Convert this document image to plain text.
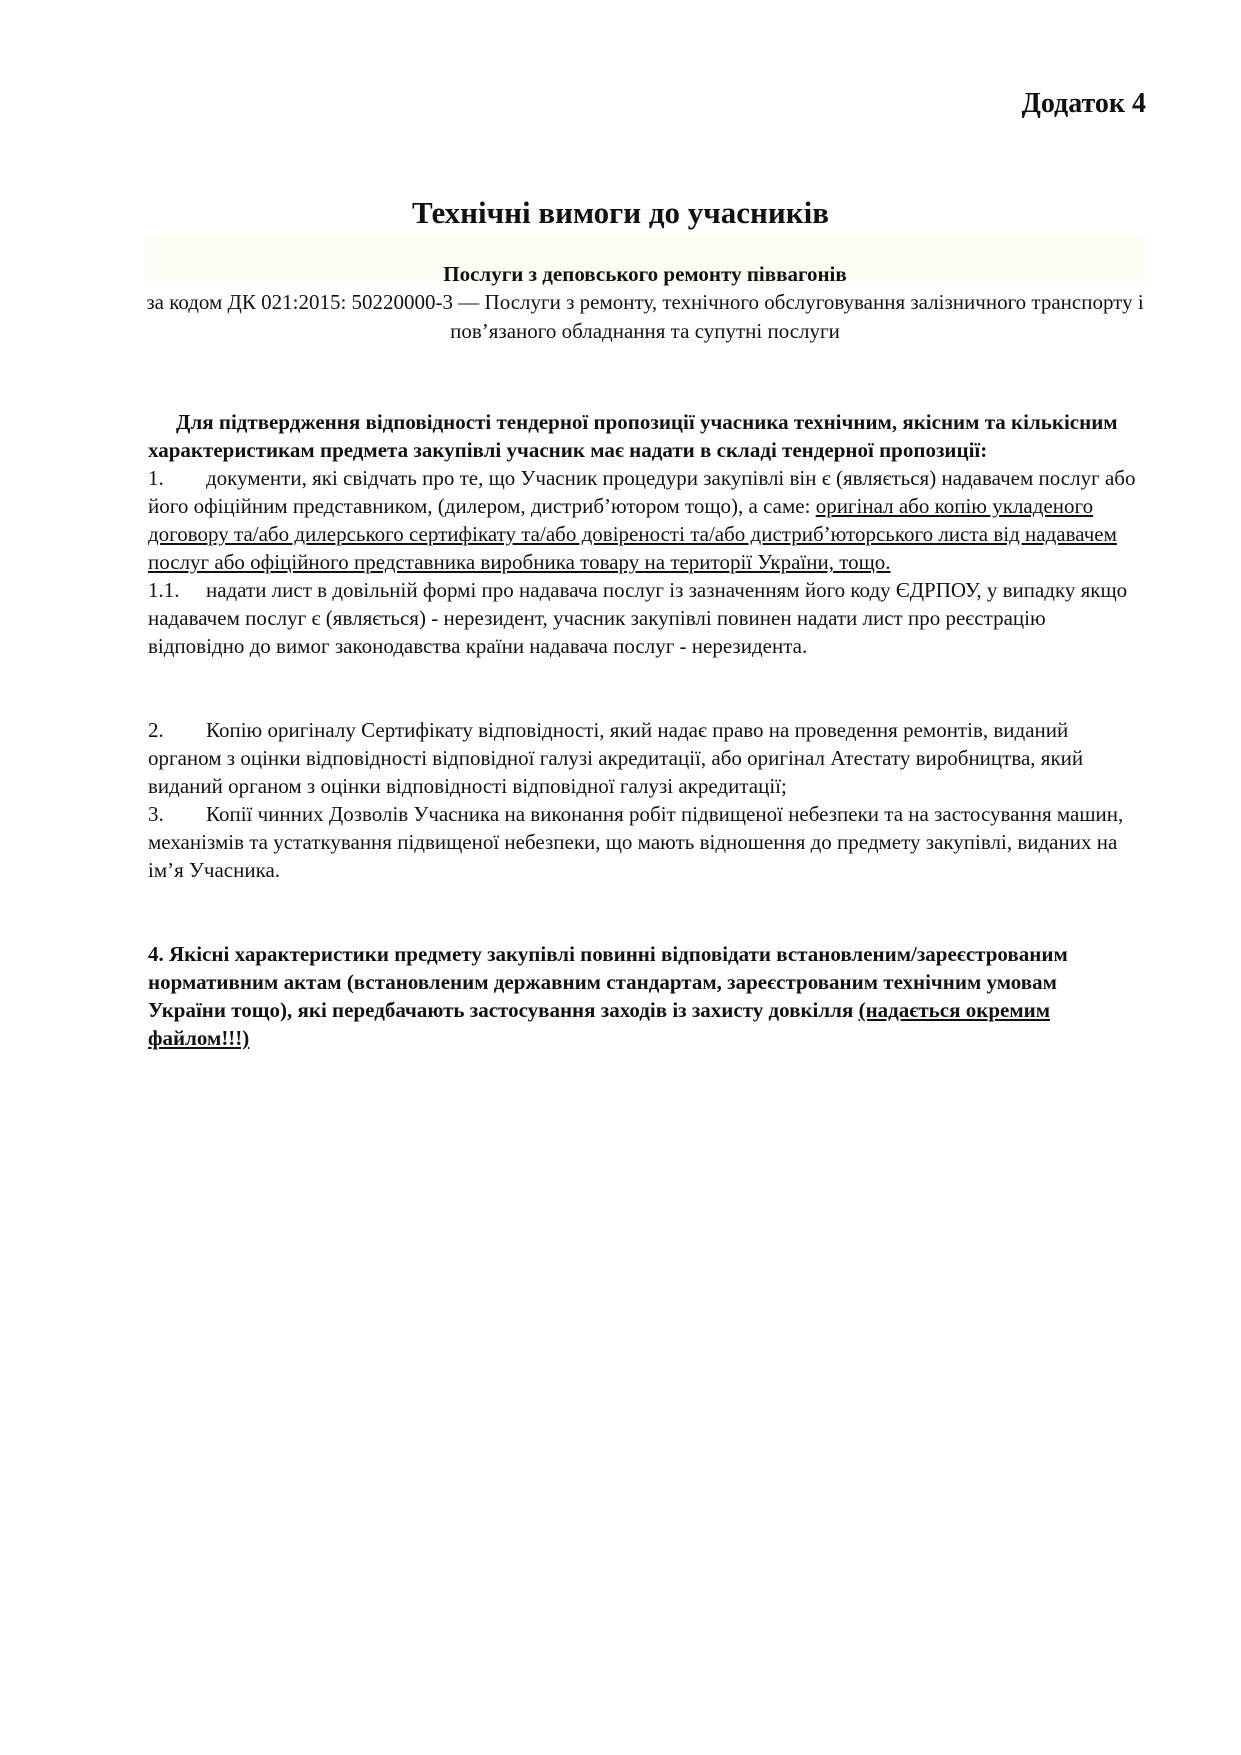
Додаток 4

Технічні вимоги до учасників

Послуги з деповського ремонту піввагонів

за кодом ДК 021:2015: 50220000-3 — Послуги з ремонту, технічного обслуговування залізничного транспорту і пов’язаного обладнання та супутні послуги

Для підтвердження відповідності тендерної пропозиції учасника технічним, якісним та кількісним характеристикам предмета закупівлі учасник має надати в складі тендерної пропозиції:

1. документи, які свідчать про те, що Учасник процедури закупівлі він є (являється) надавачем послуг або його офіційним представником, (дилером, дистриб’ютором тощо), а саме: оригінал або копію укладеного договору та/або дилерського сертифікату та/або довіреності та/або дистриб’юторського листа від надавачем послуг або офіційного представника виробника товару на території України, тощо.

1.1. надати лист в довільній формі про надавача послуг із зазначенням його коду ЄДРПОУ, у випадку якщо надавачем послуг є (являється) - нерезидент, учасник закупівлі повинен надати лист про реєстрацію відповідно до вимог законодавства країни надавача послуг - нерезидента.

2. Копію оригіналу Сертифікату відповідності, який надає право на проведення ремонтів, виданий органом з оцінки відповідності відповідної галузі акредитації, або оригінал Атестату виробництва, який виданий органом з оцінки відповідності відповідної галузі акредитації;

3. Копії чинних Дозволів Учасника на виконання робіт підвищеної небезпеки та на застосування машин, механізмів та устаткування підвищеної небезпеки, що мають відношення до предмету закупівлі, виданих на ім’я Учасника.

4. Якісні характеристики предмету закупівлі повинні відповідати встановленим/зареєстрованим нормативним актам (встановленим державним стандартам, зареєстрованим технічним умовам України тощо), які передбачають застосування заходів із захисту довкілля (надається окремим файлом!!!)
